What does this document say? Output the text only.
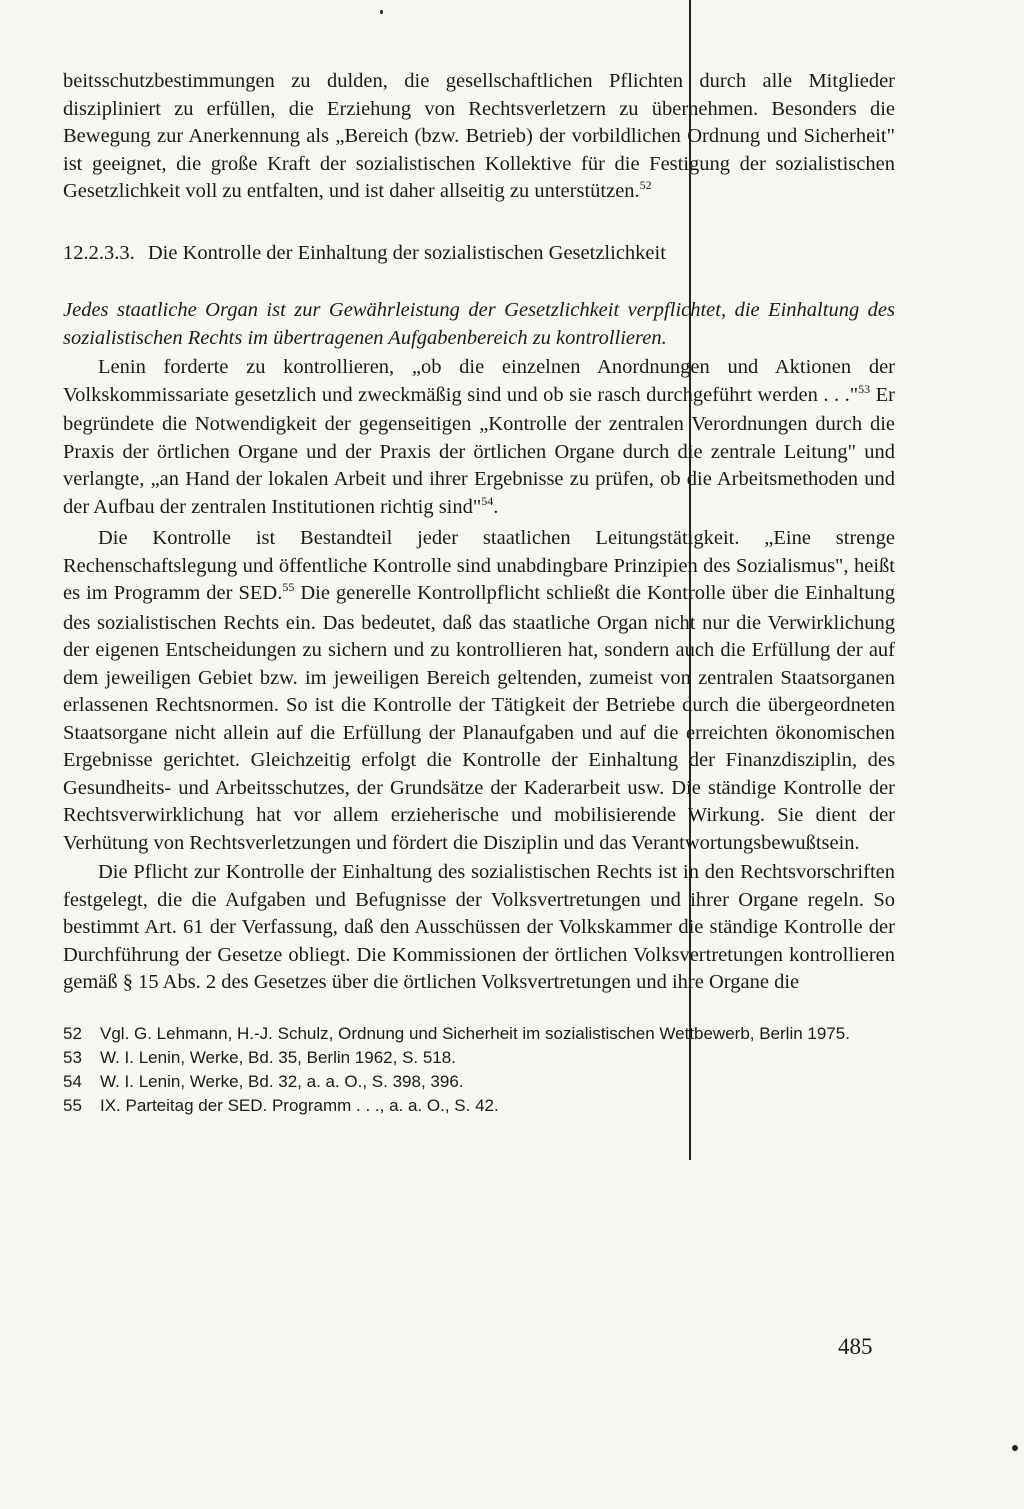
beitsschutzbestimmungen zu dulden, die gesellschaftlichen Pflichten durch alle Mitglieder diszipliniert zu erfüllen, die Erziehung von Rechtsverletzern zu übernehmen. Besonders die Bewegung zur Anerkennung als „Bereich (bzw. Betrieb) der vorbildlichen Ordnung und Sicherheit" ist geeignet, die große Kraft der sozialistischen Kollektive für die Festigung der sozialistischen Gesetzlichkeit voll zu entfalten, und ist daher allseitig zu unterstützen.$^{52}$

12.2.3.3. Die Kontrolle der Einhaltung der sozialistischen Gesetzlichkeit

Jedes staatliche Organ ist zur Gewährleistung der Gesetzlichkeit verpflichtet, die Einhaltung des sozialistischen Rechts im übertragenen Aufgabenbereich zu kontrollieren.

Lenin forderte zu kontrollieren, „ob die einzelnen Anordnungen und Aktionen der Volkskommissariate gesetzlich und zweckmäßig sind und ob sie rasch durchgeführt werden . . ."$^{53}$ Er begründete die Notwendigkeit der gegenseitigen „Kontrolle der zentralen Verordnungen durch die Praxis der örtlichen Organe und der Praxis der örtlichen Organe durch die zentrale Leitung" und verlangte, „an Hand der lokalen Arbeit und ihrer Ergebnisse zu prüfen, ob die Arbeitsmethoden und der Aufbau der zentralen Institutionen richtig sind"$^{54}$.

Die Kontrolle ist Bestandteil jeder staatlichen Leitungstätigkeit. „Eine strenge Rechenschaftslegung und öffentliche Kontrolle sind unabdingbare Prinzipien des Sozialismus", heißt es im Programm der SED.$^{55}$ Die generelle Kontrollpflicht schließt die Kontrolle über die Einhaltung des sozialistischen Rechts ein. Das bedeutet, daß das staatliche Organ nicht nur die Verwirklichung der eigenen Entscheidungen zu sichern und zu kontrollieren hat, sondern auch die Erfüllung der auf dem jeweiligen Gebiet bzw. im jeweiligen Bereich geltenden, zumeist von zentralen Staatsorganen erlassenen Rechtsnormen. So ist die Kontrolle der Tätigkeit der Betriebe durch die übergeordneten Staatsorgane nicht allein auf die Erfüllung der Planaufgaben und auf die erreichten ökonomischen Ergebnisse gerichtet. Gleichzeitig erfolgt die Kontrolle der Einhaltung der Finanzdisziplin, des Gesundheits- und Arbeitsschutzes, der Grundsätze der Kaderarbeit usw. Die ständige Kontrolle der Rechtsverwirklichung hat vor allem erzieherische und mobilisierende Wirkung. Sie dient der Verhütung von Rechtsverletzungen und fördert die Disziplin und das Verantwortungsbewußtsein.

Die Pflicht zur Kontrolle der Einhaltung des sozialistischen Rechts ist in den Rechtsvorschriften festgelegt, die die Aufgaben und Befugnisse der Volksvertretungen und ihrer Organe regeln. So bestimmt Art. 61 der Verfassung, daß den Ausschüssen der Volkskammer die ständige Kontrolle der Durchführung der Gesetze obliegt. Die Kommissionen der örtlichen Volksvertretungen kontrollieren gemäß § 15 Abs. 2 des Gesetzes über die örtlichen Volksvertretungen und ihre Organe die

52	Vgl. G. Lehmann, H.-J. Schulz, Ordnung und Sicherheit im sozialistischen Wettbewerb, Berlin 1975.
53	W. I. Lenin, Werke, Bd. 35, Berlin 1962, S. 518.
54	W. I. Lenin, Werke, Bd. 32, a. a. O., S. 398, 396.
55	IX. Parteitag der SED. Programm . . ., a. a. O., S. 42.
485
